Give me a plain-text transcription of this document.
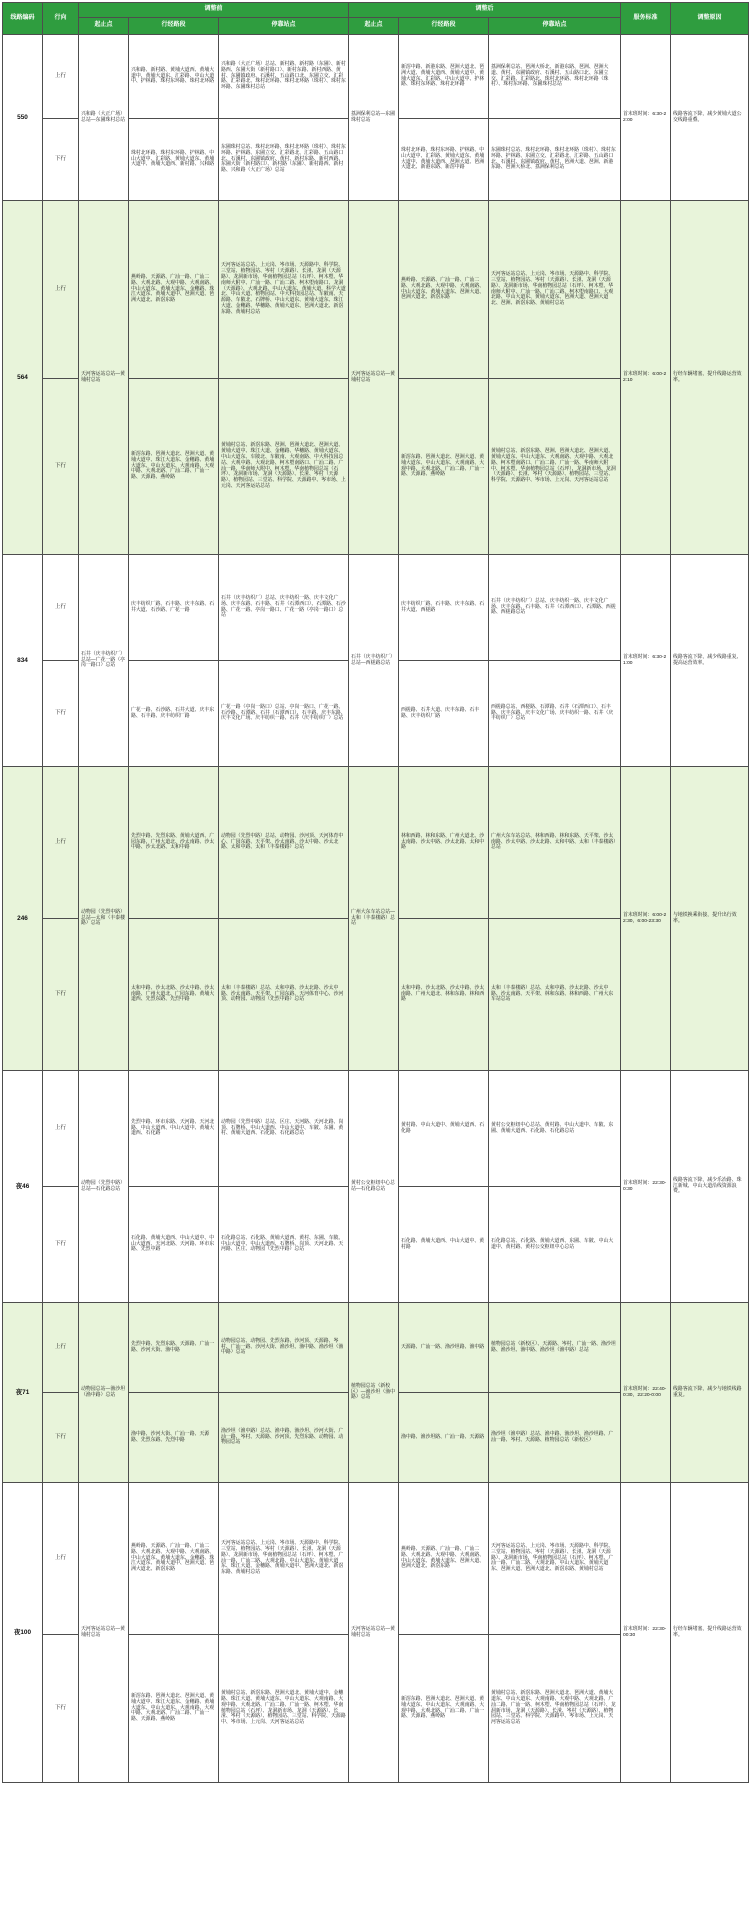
线路编码	行向	调整前			调整后			服务标准	调整原因
		起止点	行经路段	停靠站点	起止点	行经路段	停靠站点		
550	上行	兴和路（大正广场）总站—东圃珠村总站	兴和路、新村路、黄埔大道西、黄埔大道中、黄埔大道东、汇彩路、中山大道中、护林路、珠村东环路、珠村北环路	兴和路（大正广场）总站、新村路、新村路（东圃）、新村路西、东圃大街（新村路口）、新村东路、新村西路、黄村、东圃镇政府、石溪村、五山路口北、东圃立交、汇彩路、汇彩路北、珠村北环路、珠村北环路（珠村）、珠村东环路、东圃珠村总站	荔洲保利总站—东圃珠村总站	新滘中路、新港东路、琶洲大道北、琶洲大道、黄埔大道西、黄埔大道中、黄埔大道东、汇彩路、中山大道中、护林路、珠村东环路、珠村北环路	荔洲保利总站、琶洲大桥北、新港东路、琶洲、琶洲大道、黄村、东圃镇政府、石溪村、五山路口北、东圃立交、汇彩路、汇彩路北、珠村北环路、珠村北环路（珠村）、珠村东环路、东圃珠村总站	首末班时间：6:30-22:00	线路客流下降，减少黄埔大道公交线路重叠。
	下行		珠村北环路、珠村东环路、护林路、中山大道中、汇彩路、黄埔大道东、黄埔大道中、黄埔大道西、新村路、兴和路	东圃珠村总站、珠村北环路、珠村北环路（珠村）、珠村东环路、护林路、东圃立交、汇彩路北、汇彩路、五山路口北、石溪村、东圃镇政府、黄村、新村东路、新村西路、东圃大街（新村路口）、新村路（东圃）、新村路西、新村路、兴和路（大正广场）总站		珠村北环路、珠村东环路、护林路、中山大道中、汇彩路、黄埔大道东、黄埔大道中、黄埔大道西、琶洲大道、琶洲大道北、新港东路、新滘中路	东圃珠村总站、珠村北环路、珠村北环路（珠村）、珠村东环路、护林路、东圃立交、汇彩路北、汇彩路、五山路口北、石溪村、东圃镇政府、黄村、琶洲大道、琶洲、新港东路、琶洲大桥北、荔洲保利总站		
564	上行	天河客运站总站—黄埔村总站	燕岭路、天源路、广汕一路、广汕二路、大观北路、大观中路、大观南路、中山大道东、黄埔大道东、金穗路、珠江大道东、黄埔大道中、琶洲大道、琶洲大道北、新滘东路	天河客运站总站、上元岗、岑市场、天源路中、科学院、三堂站、植物园站、岑村（天源路）、长湴、龙洞（天源路）、龙洞新市场、华南植物园总站（石坪）、柯木塱、华南师大附中、广汕一路、广汕二路、柯木塱南路口、龙洞（天源路）、大观北路、中山大道东、黄埔大道、科学大道北、中山大道、植物园站、中大科技园总站、车陂南、天源路、车陂北、石牌桥、中山大道东、黄埔大道东、珠江大道、金穗路、华穗路、黄埔大道东、琶洲大道北、新滘东路、黄埔村总站	天河客运站总站—黄埔村总站	燕岭路、天源路、广汕一路、广汕二路、大观北路、大观中路、大观南路、中山大道东、黄埔大道东、琶洲大道、琶洲大道北、新滘东路	天河客运站总站、上元岗、岑市场、天源路中、科学院、三堂站、植物园站、岑村（天源路）、长湴、龙洞（天源路）、龙洞新市场、华南植物园总站（石坪）、柯木塱、华南师大附中、广汕一路、广汕二路、柯木塱南路口、大观北路、中山大道东、黄埔大道东、琶洲大道、琶洲大道北、琶洲、新滘东路、黄埔村总站	首末班时间：6:00-22:10	行经车辆堵塞，提升线路运营效率。
	下行		新滘东路、琶洲大道北、琶洲大道、黄埔大道中、珠江大道东、金穗路、黄埔大道东、中山大道东、大观南路、大观中路、大观北路、广汕二路、广汕一路、天源路、燕岭路	黄埔村总站、新滘东路、琶洲、琶洲大道北、琶洲大道、黄埔大道中、珠江大道、金穗路、华穗路、黄埔大道东、中山大道东、车陂北、车陂南、大观南路、中大科技园总站、大观中路、大观北路、柯木塱南路口、广汕二路、广汕一路、华南师大附中、柯木塱、华南植物园总站（石坪）、龙洞新市场、龙洞（天源路）、长湴、岑村（天源路）、植物园站、三堂站、科学院、天源路中、岑市场、上元岗、天河客运站总站		新滘东路、琶洲大道北、琶洲大道、黄埔大道东、中山大道东、大观南路、大观中路、大观北路、广汕二路、广汕一路、天源路、燕岭路	黄埔村总站、新滘东路、琶洲、琶洲大道北、琶洲大道、黄埔大道东、中山大道东、大观南路、大观中路、大观北路、柯木塱南路口、广汕二路、广汕一路、华南师大附中、柯木塱、华南植物园总站（石坪）、龙洞新市场、龙洞（天源路）、长湴、岑村（天源路）、植物园站、三堂站、科学院、天源路中、岑市场、上元岗、天河客运站总站		
834	上行	石井（庆丰纺织厂）总站—广花一路（亭岗一路口）总站	庆丰纺织厂路、石丰路、庆丰东路、石井大道、石沙路、广花一路	石井（庆丰纺织厂）总站、庆丰纺织一路、庆丰文化广场、庆丰东路、石丰路、石井（石潭西口）、石潭路、石沙路、广花一路、亭岗一路口、广花一路（亭岗一路口）总站	石井（庆丰纺织厂）总站—西槎路总站	庆丰纺织厂路、石丰路、庆丰东路、石井大道、西槎路	石井（庆丰纺织厂）总站、庆丰纺织一路、庆丰文化广场、庆丰东路、石丰路、石井（石潭西口）、石潭路、西槎路、西槎路总站	首末班时间：6:30-21:00	线路客流下降，减少线路重复、提高运营效率。
	下行		广花一路、石沙路、石井大道、庆丰东路、石丰路、庆丰纺织厂路	广花一路（亭岗一路口）总站、亭岗一路口、广花一路、石沙路、石潭路、石井（石潭西口）、石丰路、庆丰东路、庆丰文化广场、庆丰纺织一路、石井（庆丰纺织厂）总站		西槎路、石井大道、庆丰东路、石丰路、庆丰纺织厂路	西槎路总站、西槎路、石潭路、石井（石潭西口）、石丰路、庆丰东路、庆丰文化广场、庆丰纺织一路、石井（庆丰纺织厂）总站		
246	上行	动物园（先烈中路）总站—太和（丰泰楼路）总站	先烈中路、先烈东路、黄埔大道西、广园东路、广州大道北、沙太南路、沙太中路、沙太北路、太和中路	动物园（先烈中路）总站、动物园、沙河顶、天河体育中心、广园东路、天平架、沙太南路、沙太中路、沙太北路、太和中路、太和（丰泰楼路）总站	广州大东车站总站—太和（丰泰楼路）总站	林和西路、林和东路、广州大道北、沙太南路、沙太中路、沙太北路、太和中路	广州大东车站总站、林和西路、林和东路、天平架、沙太南路、沙太中路、沙太北路、太和中路、太和（丰泰楼路）总站	首末班时间：6:00-22:30，6:00-23:30	与地铁换乘衔接，提升出行效率。
	下行		太和中路、沙太北路、沙太中路、沙太南路、广州大道北、广园东路、黄埔大道西、先烈东路、先烈中路	太和（丰泰楼路）总站、太和中路、沙太北路、沙太中路、沙太南路、天平架、广园东路、天河体育中心、沙河顶、动物园、动物园（先烈中路）总站		太和中路、沙太北路、沙太中路、沙太南路、广州大道北、林和东路、林和西路	太和（丰泰楼路）总站、太和中路、沙太北路、沙太中路、沙太南路、天平架、林和东路、林和西路、广州大东车站总站		
夜46	上行	动物园（先烈中路）总站—石化路总站	先烈中路、环市东路、天河路、天河北路、中山大道西、中山大道中、黄埔大道西、石化路	动物园（先烈中路）总站、区庄、天河路、天河北路、岗顶、石牌桥、中山大道西、中山大道中、车陂、东圃、黄村、黄埔大道西、石化路、石化路总站	黄村公交枢纽中心总站—石化路总站	黄村路、中山大道中、黄埔大道西、石化路	黄村公交枢纽中心总站、黄村路、中山大道中、车陂、东圃、黄埔大道西、石化路、石化路总站	首末班时间：22:30-0:30	线路客流下降，减少乐冶路、珠江新城、中山大道沿线资源浪费。
	下行		石化路、黄埔大道西、中山大道中、中山大道西、天河北路、天河路、环市东路、先烈中路	石化路总站、石化路、黄埔大道西、黄村、东圃、车陂、中山大道中、中山大道西、石牌桥、岗顶、天河北路、天河路、区庄、动物园（先烈中路）总站		石化路、黄埔大道西、中山大道中、黄村路	石化路总站、石化路、黄埔大道西、东圃、车陂、中山大道中、黄村路、黄村公交枢纽中心总站		
夜71	上行	动物园总站—渔沙坦（渔中路）总站	先烈中路、先烈东路、天源路、广汕一路、沙河大街、渔中路	动物园总站、动物园、先烈东路、沙河顶、天源路、岑村、广汕一路、沙河大街、渔沙坦、渔中路、渔沙坦（渔中路）总站	植物园总站（新校区）—渔沙坦（渔中路）总站	天源路、广汕一路、渔沙坦路、渔中路	植物园总站（新校区）、天源路、岑村、广汕一路、渔沙坦路、渔沙坦、渔中路、渔沙坦（渔中路）总站	首末班时间：22:40-0:30，22:20-0:00	线路客流下降，减少与地铁线路重复。
	下行		渔中路、沙河大街、广汕一路、天源路、先烈东路、先烈中路	渔沙坦（渔中路）总站、渔中路、渔沙坦、沙河大街、广汕一路、岑村、天源路、沙河顶、先烈东路、动物园、动物园总站		渔中路、渔沙坦路、广汕一路、天源路	渔沙坦（渔中路）总站、渔中路、渔沙坦、渔沙坦路、广汕一路、岑村、天源路、植物园总站（新校区）		
夜100	上行	天河客运站总站—黄埔村总站	燕岭路、天源路、广汕一路、广汕二路、大观北路、大观中路、大观南路、中山大道东、黄埔大道东、金穗路、珠江大道东、黄埔大道中、琶洲大道、琶洲大道北、新滘东路	天河客运站总站、上元岗、岑市场、天源路中、科学院、三堂站、植物园站、岑村（天源路）、长湴、龙洞（天源路）、龙洞新市场、华南植物园总站（石坪）、柯木塱、广汕一路、广汕二路、大观北路、中山大道东、黄埔大道东、珠江大道、金穗路、黄埔大道中、琶洲大道北、新滘东路、黄埔村总站	天河客运站总站—黄埔村总站	燕岭路、天源路、广汕一路、广汕二路、大观北路、大观中路、大观南路、中山大道东、黄埔大道东、琶洲大道、琶洲大道北、新滘东路	天河客运站总站、上元岗、岑市场、天源路中、科学院、三堂站、植物园站、岑村（天源路）、长湴、龙洞（天源路）、龙洞新市场、华南植物园总站（石坪）、柯木塱、广汕一路、广汕二路、大观北路、中山大道东、黄埔大道东、琶洲大道、琶洲大道北、新滘东路、黄埔村总站	首末班时间：22:30-00:30	行经车辆堵塞，提升线路运营效率。
	下行		新滘东路、琶洲大道北、琶洲大道、黄埔大道中、珠江大道东、金穗路、黄埔大道东、中山大道东、大观南路、大观中路、大观北路、广汕二路、广汕一路、天源路、燕岭路	黄埔村总站、新滘东路、琶洲大道北、黄埔大道中、金穗路、珠江大道、黄埔大道东、中山大道东、大观南路、大观中路、大观北路、广汕二路、广汕一路、柯木塱、华南植物园总站（石坪）、龙洞新市场、龙洞（天源路）、长湴、岑村（天源路）、植物园站、三堂站、科学院、天源路中、岑市场、上元岗、天河客运站总站		新滘东路、琶洲大道北、琶洲大道、黄埔大道东、中山大道东、大观南路、大观中路、大观北路、广汕二路、广汕一路、天源路、燕岭路	黄埔村总站、新滘东路、琶洲大道北、琶洲大道、黄埔大道东、中山大道东、大观南路、大观中路、大观北路、广汕二路、广汕一路、柯木塱、华南植物园总站（石坪）、龙洞新市场、龙洞（天源路）、长湴、岑村（天源路）、植物园站、三堂站、科学院、天源路中、岑市场、上元岗、天河客运站总站		
